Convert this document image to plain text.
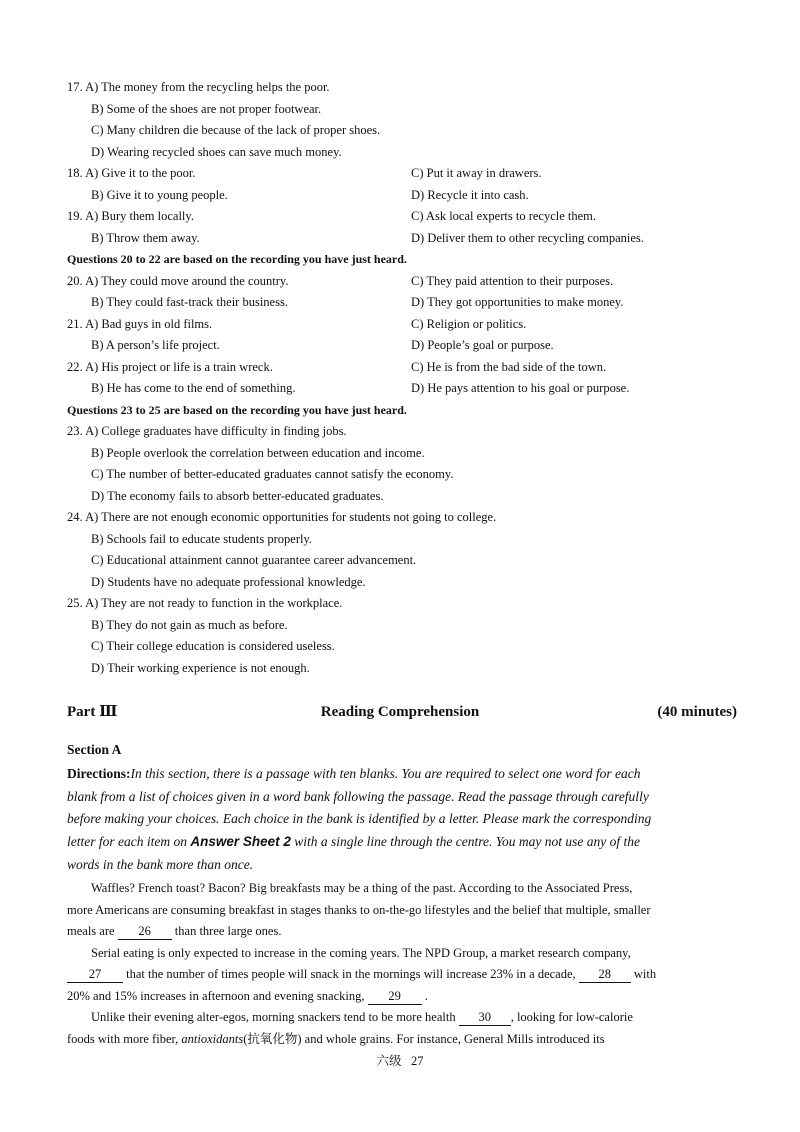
17. A) The money from the recycling helps the poor.
B) Some of the shoes are not proper footwear.
C) Many children die because of the lack of proper shoes.
D) Wearing recycled shoes can save much money.
18. A) Give it to the poor.	C) Put it away in drawers.
B) Give it to young people.	D) Recycle it into cash.
19. A) Bury them locally.	C) Ask local experts to recycle them.
B) Throw them away.	D) Deliver them to other recycling companies.
Questions 20 to 22 are based on the recording you have just heard.
20. A) They could move around the country.	C) They paid attention to their purposes.
B) They could fast-track their business.	D) They got opportunities to make money.
21. A) Bad guys in old films.	C) Religion or politics.
B) A person’s life project.	D) People’s goal or purpose.
22. A) His project or life is a train wreck.	C) He is from the bad side of the town.
B) He has come to the end of something.	D) He pays attention to his goal or purpose.
Questions 23 to 25 are based on the recording you have just heard.
23. A) College graduates have difficulty in finding jobs.
B) People overlook the correlation between education and income.
C) The number of better-educated graduates cannot satisfy the economy.
D) The economy fails to absorb better-educated graduates.
24. A) There are not enough economic opportunities for students not going to college.
B) Schools fail to educate students properly.
C) Educational attainment cannot guarantee career advancement.
D) Students have no adequate professional knowledge.
25. A) They are not ready to function in the workplace.
B) They do not gain as much as before.
C) Their college education is considered useless.
D) Their working experience is not enough.
Part Ⅲ	Reading Comprehension	(40 minutes)
Section A
Directions:In this section, there is a passage with ten blanks. You are required to select one word for each
blank from a list of choices given in a word bank following the passage. Read the passage through carefully
before making your choices. Each choice in the bank is identified by a letter. Please mark the corresponding
letter for each item on Answer Sheet 2 with a single line through the centre. You may not use any of the
words in the bank more than once.
Waffles? French toast? Bacon? Big breakfasts may be a thing of the past. According to the Associated Press,
more Americans are consuming breakfast in stages thanks to on-the-go lifestyles and the belief that multiple, smaller
meals are 26 than three large ones.
Serial eating is only expected to increase in the coming years. The NPD Group, a market research company,
27 that the number of times people will snack in the mornings will increase 23% in a decade, 28 with
20% and 15% increases in afternoon and evening snacking, 29 .
Unlike their evening alter-egos, morning snackers tend to be more health 30 , looking for low-calorie
foods with more fiber, antioxidants(抗氧化物) and whole grains. For instance, General Mills introduced its
六级 27
